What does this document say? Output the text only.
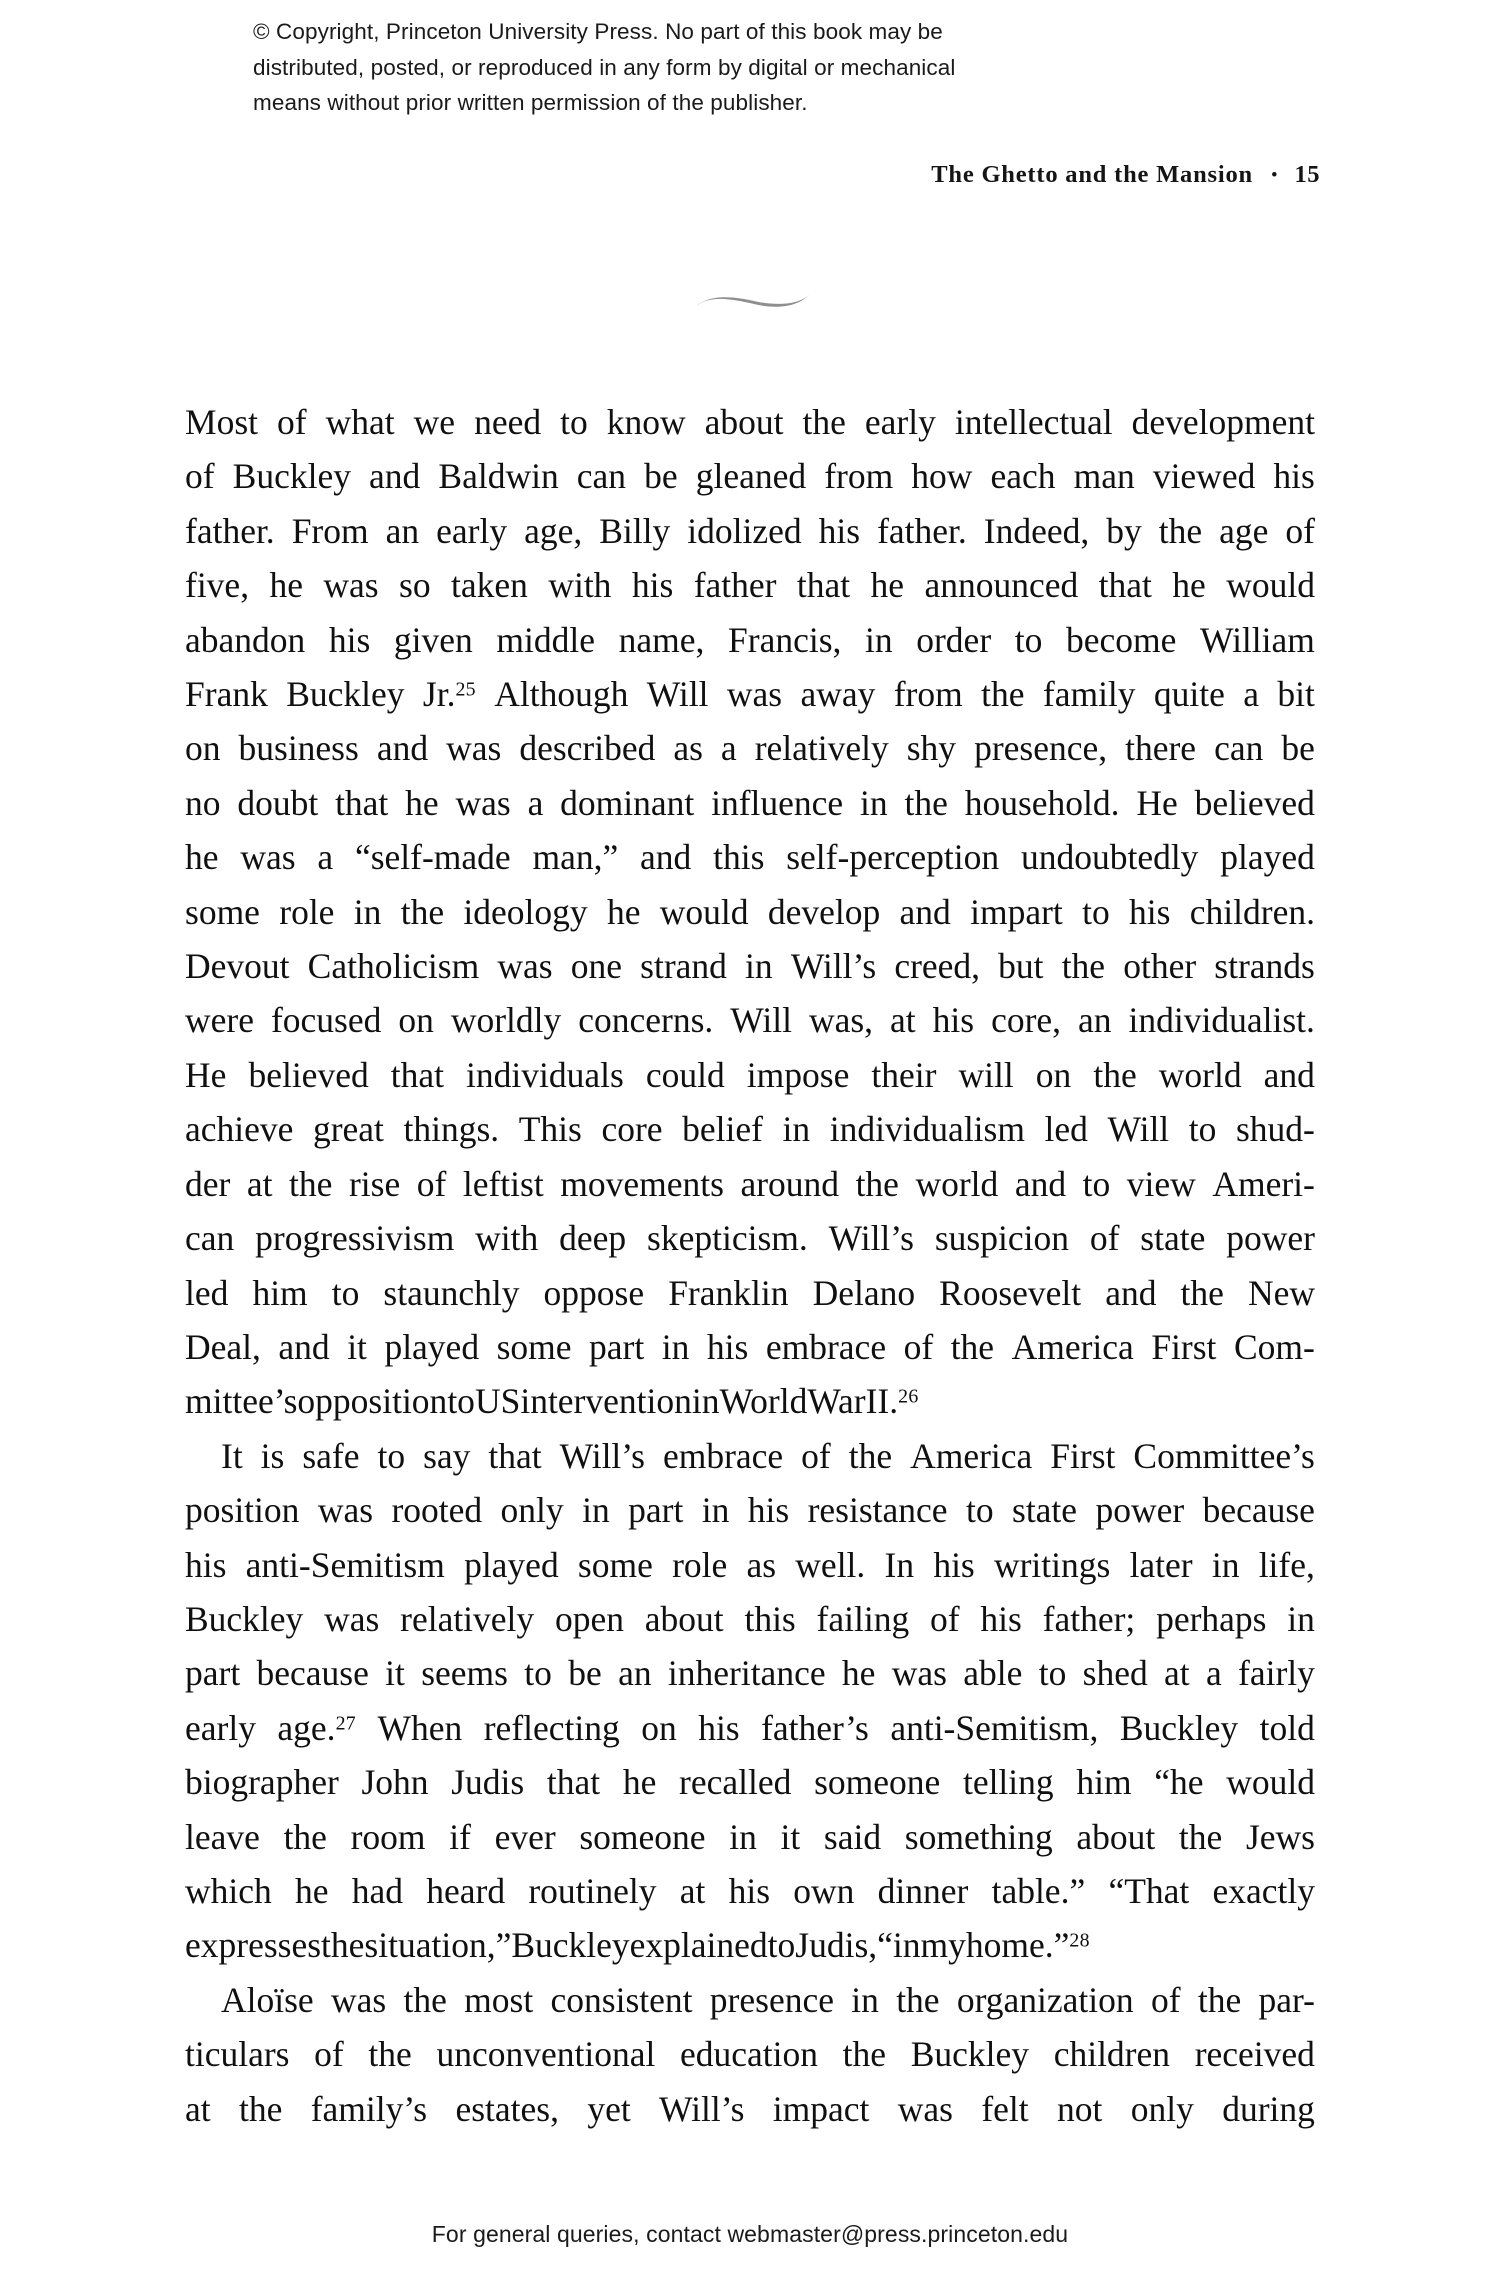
© Copyright, Princeton University Press. No part of this book may be
distributed, posted, or reproduced in any form by digital or mechanical
means without prior written permission of the publisher.
The Ghetto and the Mansion • 15
Most of what we need to know about the early intellectual development
of Buckley and Baldwin can be gleaned from how each man viewed his
father. From an early age, Billy idolized his father. Indeed, by the age of
five, he was so taken with his father that he announced that he would
abandon his given middle name, Francis, in order to become William
Frank Buckley Jr.$^{25}$ Although Will was away from the family quite a bit
on business and was described as a relatively shy presence, there can be
no doubt that he was a dominant influence in the household. He believed
he was a “self-made man,” and this self-perception undoubtedly played
some role in the ideology he would develop and impart to his children.
Devout Catholicism was one strand in Will’s creed, but the other strands
were focused on worldly concerns. Will was, at his core, an individualist.
He believed that individuals could impose their will on the world and
achieve great things. This core belief in individualism led Will to shud-
der at the rise of leftist movements around the world and to view Ameri-
can progressivism with deep skepticism. Will’s suspicion of state power
led him to staunchly oppose Franklin Delano Roosevelt and the New
Deal, and it played some part in his embrace of the America First Com-
mittee’s opposition to US intervention in World War II.$^{26}$
It is safe to say that Will’s embrace of the America First Committee’s
position was rooted only in part in his resistance to state power because
his anti-Semitism played some role as well. In his writings later in life,
Buckley was relatively open about this failing of his father; perhaps in
part because it seems to be an inheritance he was able to shed at a fairly
early age.$^{27}$ When reflecting on his father’s anti-Semitism, Buckley told
biographer John Judis that he recalled someone telling him “he would
leave the room if ever someone in it said something about the Jews
which he had heard routinely at his own dinner table.” “That exactly
expresses the situation,” Buckley explained to Judis, “in my home.”$^{28}$
Aloïse was the most consistent presence in the organization of the par-
ticulars of the unconventional education the Buckley children received
at the family’s estates, yet Will’s impact was felt not only during
For general queries, contact webmaster@press.princeton.edu
